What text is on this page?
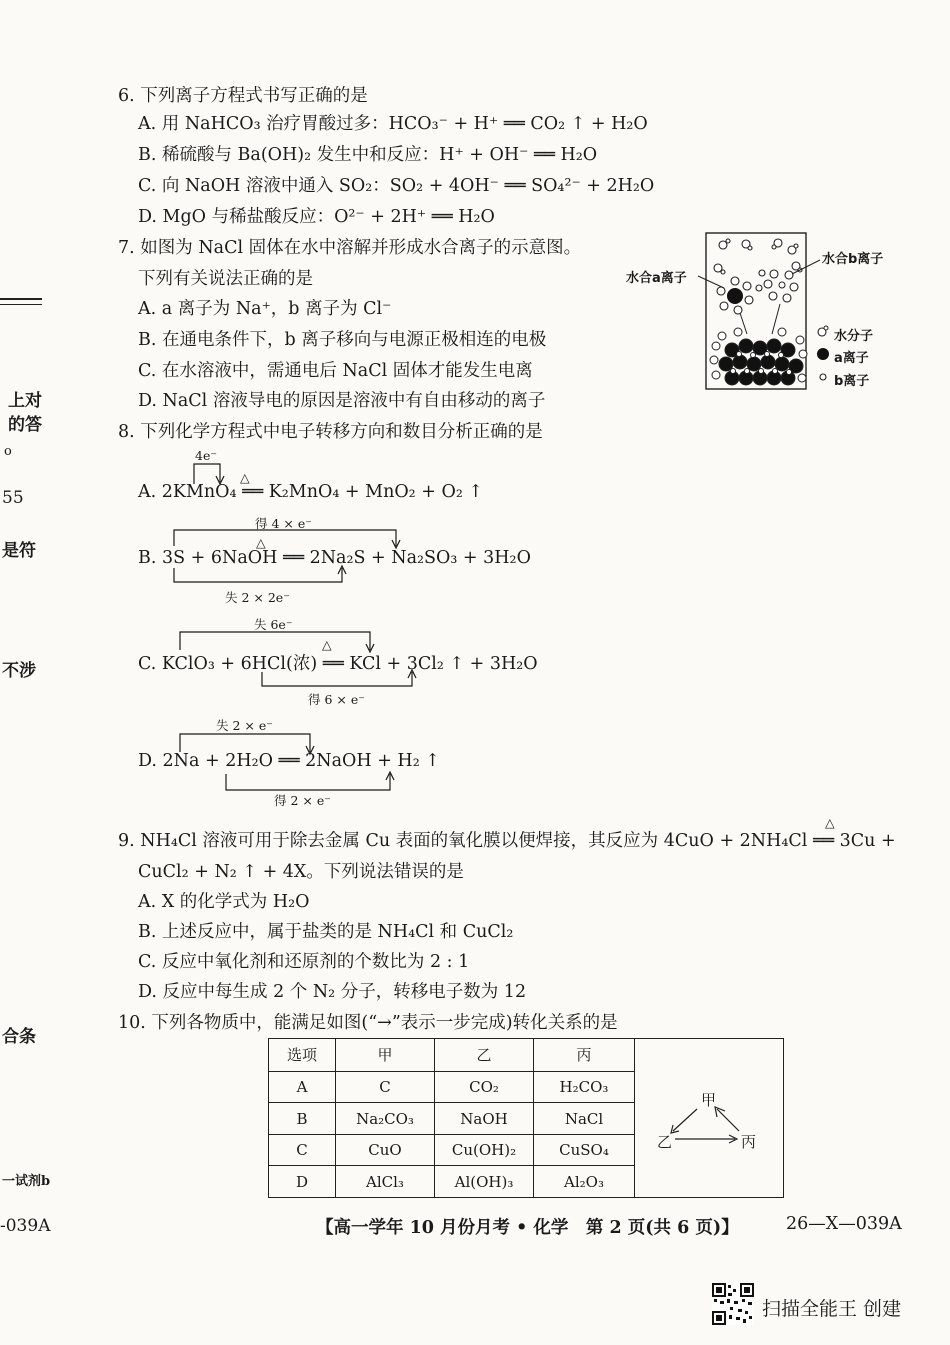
上对
的答
o
55
是符
不涉
合条
一试剂b
-039A
6. 下列离子方程式书写正确的是
A. 用 NaHCO₃ 治疗胃酸过多：HCO₃⁻ + H⁺ ══ CO₂ ↑ + H₂O
B. 稀硫酸与 Ba(OH)₂ 发生中和反应：H⁺ + OH⁻ ══ H₂O
C. 向 NaOH 溶液中通入 SO₂：SO₂ + 4OH⁻ ══ SO₄²⁻ + 2H₂O
D. MgO 与稀盐酸反应：O²⁻ + 2H⁺ ══ H₂O
7. 如图为 NaCl 固体在水中溶解并形成水合离子的示意图。
下列有关说法正确的是
A. a 离子为 Na⁺，b 离子为 Cl⁻
B. 在通电条件下，b 离子移向与电源正极相连的电极
C. 在水溶液中，需通电后 NaCl 固体才能发生电离
D. NaCl 溶液导电的原因是溶液中有自由移动的离子
水合a离子
水合b离子
水分子
a离子
b离子
8. 下列化学方程式中电子转移方向和数目分析正确的是
4e⁻
△
A. 2KMnO₄ ══ K₂MnO₄ + MnO₂ + O₂ ↑
得 4 × e⁻
△
B. 3S + 6NaOH ══ 2Na₂S + Na₂SO₃ + 3H₂O
失 2 × 2e⁻
失 6e⁻
△
C. KClO₃ + 6HCl(浓) ══ KCl + 3Cl₂ ↑ + 3H₂O
得 6 × e⁻
失 2 × e⁻
D. 2Na + 2H₂O ══ 2NaOH + H₂ ↑
得 2 × e⁻
△
9. NH₄Cl 溶液可用于除去金属 Cu 表面的氧化膜以便焊接，其反应为 4CuO + 2NH₄Cl ══ 3Cu +
CuCl₂ + N₂ ↑ + 4X。下列说法错误的是
A. X 的化学式为 H₂O
B. 上述反应中，属于盐类的是 NH₄Cl 和 CuCl₂
C. 反应中氧化剂和还原剂的个数比为 2 : 1
D. 反应中每生成 2 个 N₂ 分子，转移电子数为 12
10. 下列各物质中，能满足如图(“→”表示一步完成)转化关系的是
选项	甲	乙	丙	甲
乙 丙

A	C	CO₂	H₂CO₃	
B	Na₂CO₃	NaOH	NaCl	
C	CuO	Cu(OH)₂	CuSO₄	
D	AlCl₃	Al(OH)₃	Al₂O₃	
【高一学年 10 月份月考 • 化学　第 2 页(共 6 页)】	26—X—039A
扫描全能王 创建
